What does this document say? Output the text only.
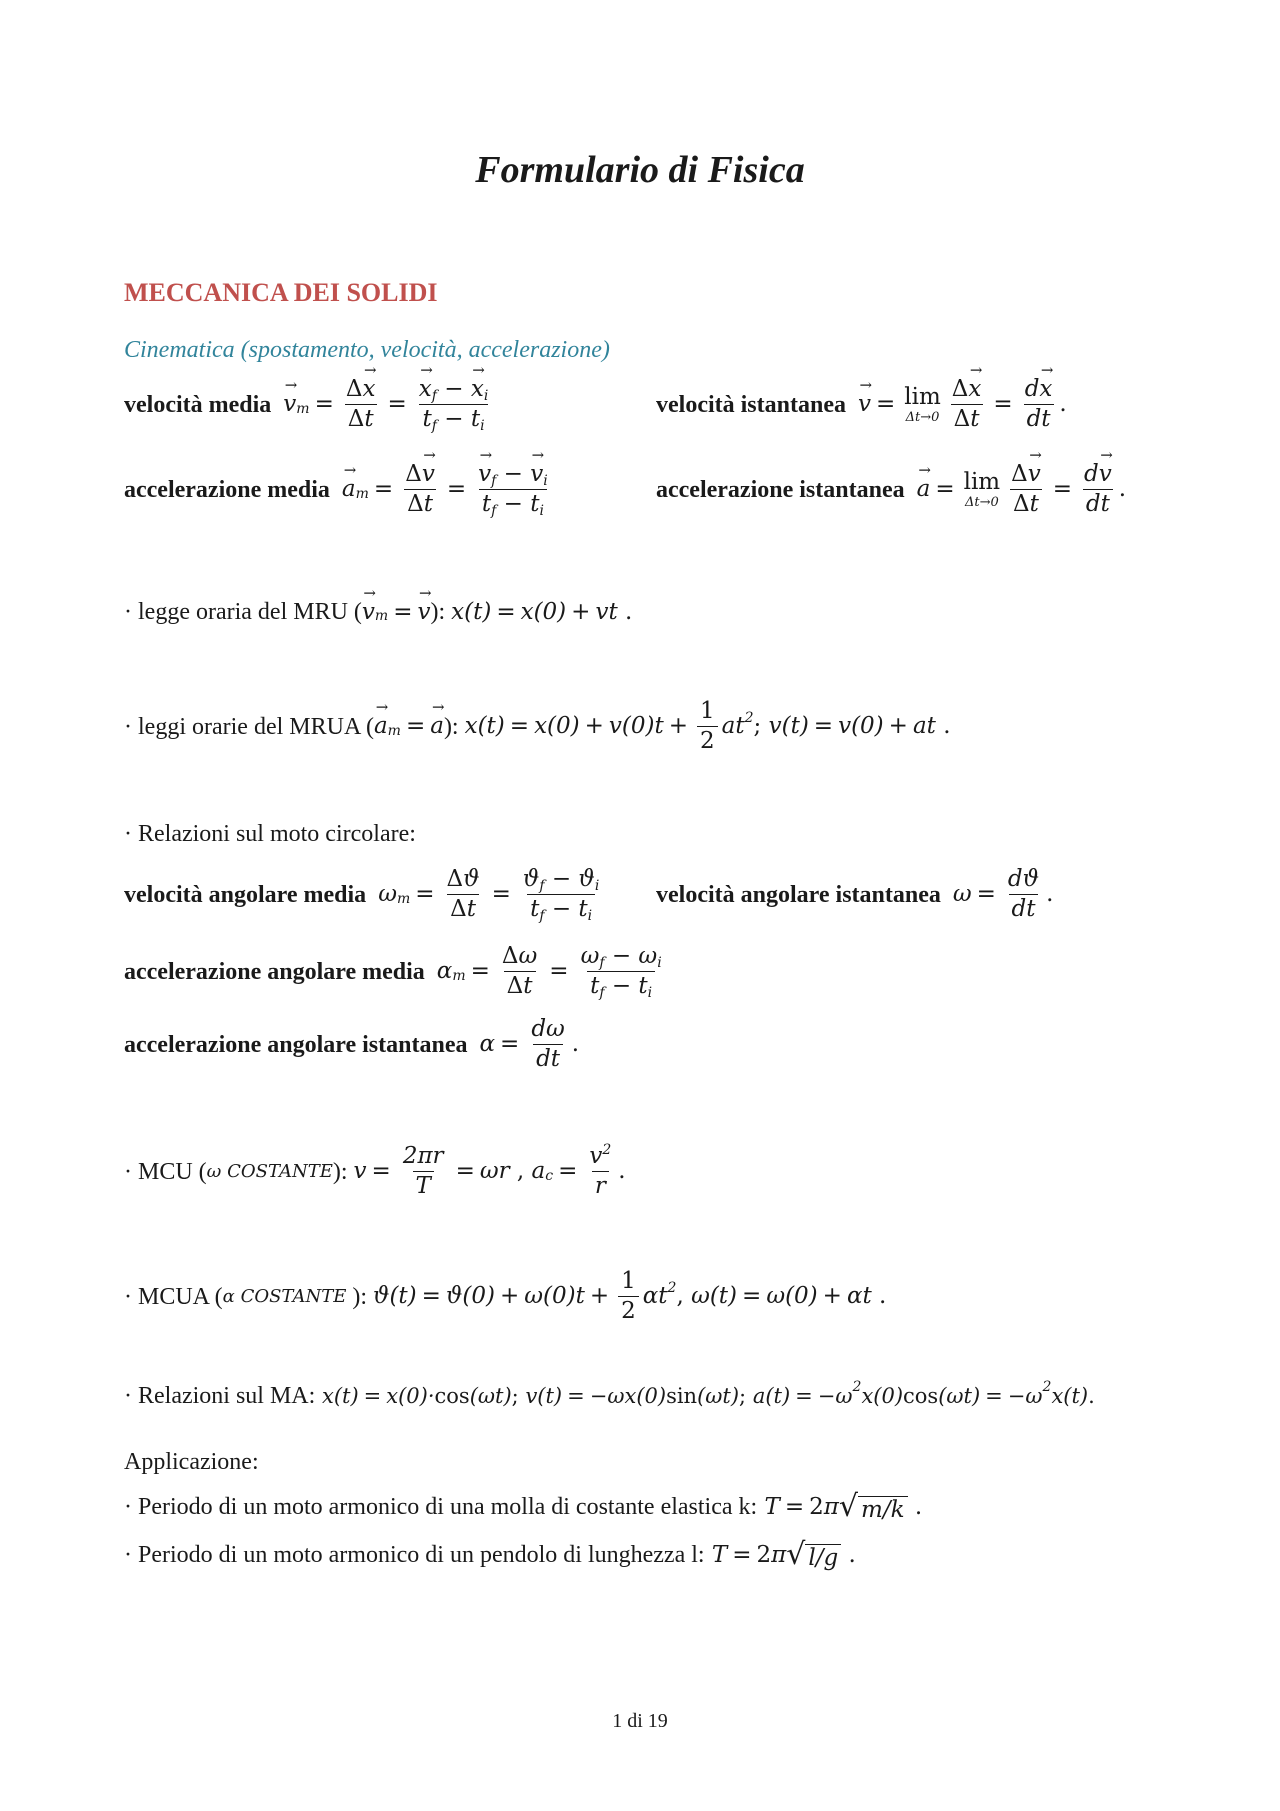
Formulario di Fisica
MECCANICA DEI SOLIDI
Cinematica (spostamento, velocità, accelerazione)
velocità media → $v_m = \frac{\Delta\to x}{\Delta t}$ = → $\frac{x_f - \to x_i}{t_f - t_i}$	velocità istantanea → v = lim
$\Delta t\to 0 \frac{\Delta\to x}{\Delta t} = \frac{d\to x}{dt}$ .
accelerazione media → $a_m = \frac{\Delta\to v}{\Delta t}$ = → $\frac{v_f - \to v_i}{t_f - t_i}$	accelerazione istantanea → a = lim
$\Delta t\to 0 \frac{\Delta\to v}{\Delta t} = \frac{d\to v}{dt}$ .
· legge oraria del MRU ( → $v_m$ = → v ): x(t) = x(0) + vt .
· leggi orarie del MRUA ( → $a_m$ = → a ): $x(t) = x(0) + v(0)t + \frac{1}{2} at^2$ ; v(t) = v(0) + at .
· Relazioni sul moto circolare:
velocità angolare media $\omega_m = \frac{\Delta ϑ}{\Delta t} = \frac{ϑ_f - ϑ_i}{t_f - t_i}$ velocità angolare istantanea $\omega = \frac{dϑ}{dt}$ .
accelerazione angolare media $\alpha_m = \frac{\Delta\omega}{\Delta t} = \frac{\omega_f - \omega_i}{t_f - t_i}$
accelerazione angolare istantanea $\alpha = \frac{d\omega}{dt}$ .
· MCU ( ω COSTANTE ): $v = \frac{2\pi r}{T} = \omega r$ , $a_c = \frac{v^2}{r}$ .
· MCUA ( α COSTANTE ): $ϑ(t) = ϑ(0) + \omega(0)t + \frac{1}{2} \alpha t^2$ , ω(t) = ω(0) + αt .
· Relazioni sul MA: x(t) = x(0)· cos (ωt) ; v(t) = −ωx(0) sin (ωt) ; $a(t) = -\omega^2$ x(0) $\cos (\omega t) = -\omega^2$ x(t) .
Applicazione:
· Periodo di un moto armonico di una molla di costante elastica k: T = 2 π √ m/k .
· Periodo di un moto armonico di un pendolo di lunghezza l: T = 2 π √ l/g .
1 di 19
